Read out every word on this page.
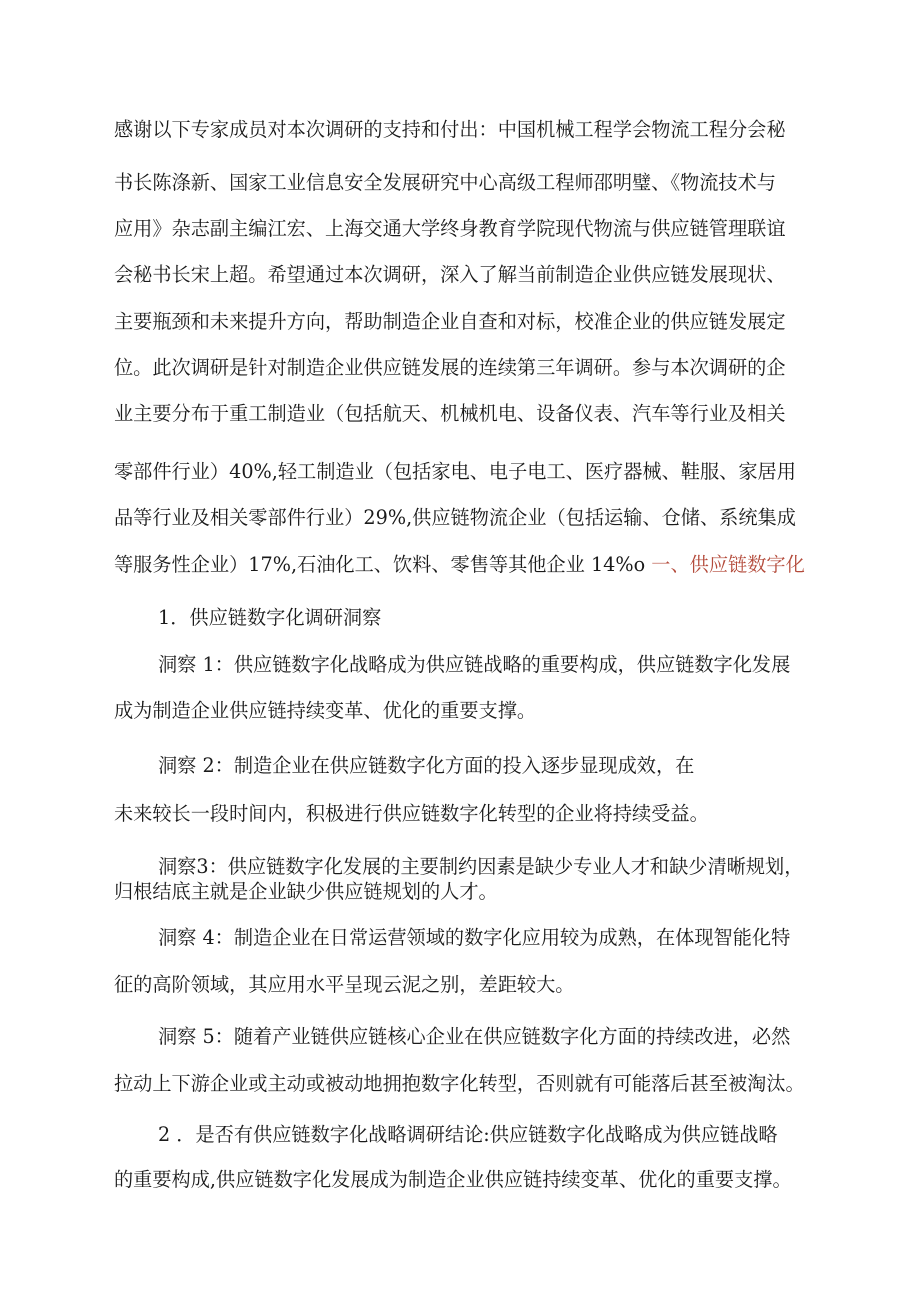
感谢以下专家成员对本次调研的支持和付出：中国机械工程学会物流工程分会秘
书长陈涤新、国家工业信息安全发展研究中心高级工程师邵明璧、《物流技术与
应用》杂志副主编江宏、上海交通大学终身教育学院现代物流与供应链管理联谊
会秘书长宋上超。希望通过本次调研，深入了解当前制造企业供应链发展现状、
主要瓶颈和未来提升方向，帮助制造企业自查和对标，校准企业的供应链发展定
位。此次调研是针对制造企业供应链发展的连续第三年调研。参与本次调研的企
业主要分布于重工制造业（包括航天、机械机电、设备仪表、汽车等行业及相关
零部件行业）40%,轻工制造业（包括家电、电子电工、医疗器械、鞋服、家居用
品等行业及相关零部件行业）29%,供应链物流企业（包括运输、仓储、系统集成
等服务性企业）17%,石油化工、饮料、零售等其他企业 14%o 一、供应链数字化
1．供应链数字化调研洞察
洞察 1：供应链数字化战略成为供应链战略的重要构成，供应链数字化发展
成为制造企业供应链持续变革、优化的重要支撑。
洞察 2：制造企业在供应链数字化方面的投入逐步显现成效，在
未来较长一段时间内，积极进行供应链数字化转型的企业将持续受益。
洞察3：供应链数字化发展的主要制约因素是缺少专业人才和缺少清晰规划，
归根结底主就是企业缺少供应链规划的人才。
洞察 4：制造企业在日常运营领域的数字化应用较为成熟，在体现智能化特
征的高阶领域，其应用水平呈现云泥之别，差距较大。
洞察 5：随着产业链供应链核心企业在供应链数字化方面的持续改进，必然
拉动上下游企业或主动或被动地拥抱数字化转型，否则就有可能落后甚至被淘汰。
2 ．是否有供应链数字化战略调研结论:供应链数字化战略成为供应链战略
的重要构成,供应链数字化发展成为制造企业供应链持续变革、优化的重要支撑。
